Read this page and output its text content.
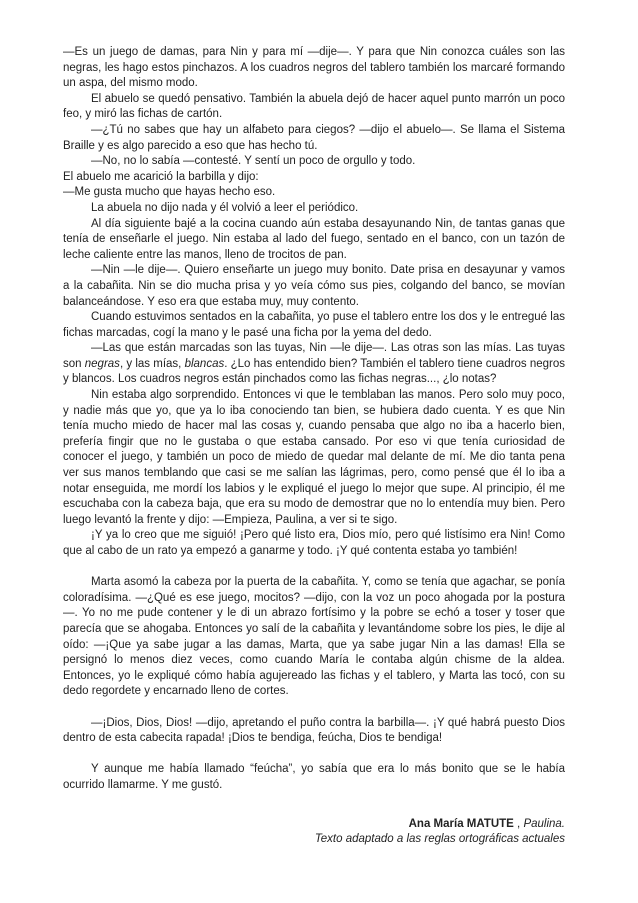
—Es un juego de damas, para Nin y para mí —dije—. Y para que Nin conozca cuáles son las negras, les hago estos pinchazos. A los cuadros negros del tablero también los marcaré formando un aspa, del mismo modo.

El abuelo se quedó pensativo. También la abuela dejó de hacer aquel punto marrón un poco feo, y miró las fichas de cartón.

—¿Tú no sabes que hay un alfabeto para ciegos? —dijo el abuelo—. Se llama el Sistema Braille y es algo parecido a eso que has hecho tú.

—No, no lo sabía —contesté. Y sentí un poco de orgullo y todo.

El abuelo me acarició la barbilla y dijo:

—Me gusta mucho que hayas hecho eso.

La abuela no dijo nada y él volvió a leer el periódico.

Al día siguiente bajé a la cocina cuando aún estaba desayunando Nin, de tantas ganas que tenía de enseñarle el juego. Nin estaba al lado del fuego, sentado en el banco, con un tazón de leche caliente entre las manos, lleno de trocitos de pan.

—Nin —le dije—. Quiero enseñarte un juego muy bonito. Date prisa en desayunar y vamos a la cabañita. Nin se dio mucha prisa y yo veía cómo sus pies, colgando del banco, se movían balanceándose. Y eso era que estaba muy, muy contento.

Cuando estuvimos sentados en la cabañita, yo puse el tablero entre los dos y le entregué las fichas marcadas, cogí la mano y le pasé una ficha por la yema del dedo.

—Las que están marcadas son las tuyas, Nin —le dije—. Las otras son las mías. Las tuyas son negras, y las mías, blancas. ¿Lo has entendido bien? También el tablero tiene cuadros negros y blancos. Los cuadros negros están pinchados como las fichas negras..., ¿lo notas?

Nin estaba algo sorprendido. Entonces vi que le temblaban las manos. Pero solo muy poco, y nadie más que yo, que ya lo iba conociendo tan bien, se hubiera dado cuenta. Y es que Nin tenía mucho miedo de hacer mal las cosas y, cuando pensaba que algo no iba a hacerlo bien, prefería fingir que no le gustaba o que estaba cansado. Por eso vi que tenía curiosidad de conocer el juego, y también un poco de miedo de quedar mal delante de mí. Me dio tanta pena ver sus manos temblando que casi se me salían las lágrimas, pero, como pensé que él lo iba a notar enseguida, me mordí los labios y le expliqué el juego lo mejor que supe. Al principio, él me escuchaba con la cabeza baja, que era su modo de demostrar que no lo entendía muy bien. Pero luego levantó la frente y dijo: —Empieza, Paulina, a ver si te sigo.

¡Y ya lo creo que me siguió! ¡Pero qué listo era, Dios mío, pero qué listísimo era Nin! Como que al cabo de un rato ya empezó a ganarme y todo. ¡Y qué contenta estaba yo también!

Marta asomó la cabeza por la puerta de la cabañita. Y, como se tenía que agachar, se ponía coloradísima. —¿Qué es ese juego, mocitos? —dijo, con la voz un poco ahogada por la postura—. Yo no me pude contener y le di un abrazo fortísimo y la pobre se echó a toser y toser que parecía que se ahogaba. Entonces yo salí de la cabañita y levantándome sobre los pies, le dije al oído: —¡Que ya sabe jugar a las damas, Marta, que ya sabe jugar Nin a las damas! Ella se persignó lo menos diez veces, como cuando María le contaba algún chisme de la aldea. Entonces, yo le expliqué cómo había agujereado las fichas y el tablero, y Marta las tocó, con su dedo regordete y encarnado lleno de cortes.

—¡Dios, Dios, Dios! —dijo, apretando el puño contra la barbilla—. ¡Y qué habrá puesto Dios dentro de esta cabecita rapada! ¡Dios te bendiga, feúcha, Dios te bendiga!

Y aunque me había llamado “feúcha”, yo sabía que era lo más bonito que se le había ocurrido llamarme. Y me gustó.

Ana María MATUTE , Paulina.
Texto adaptado a las reglas ortográficas actuales
